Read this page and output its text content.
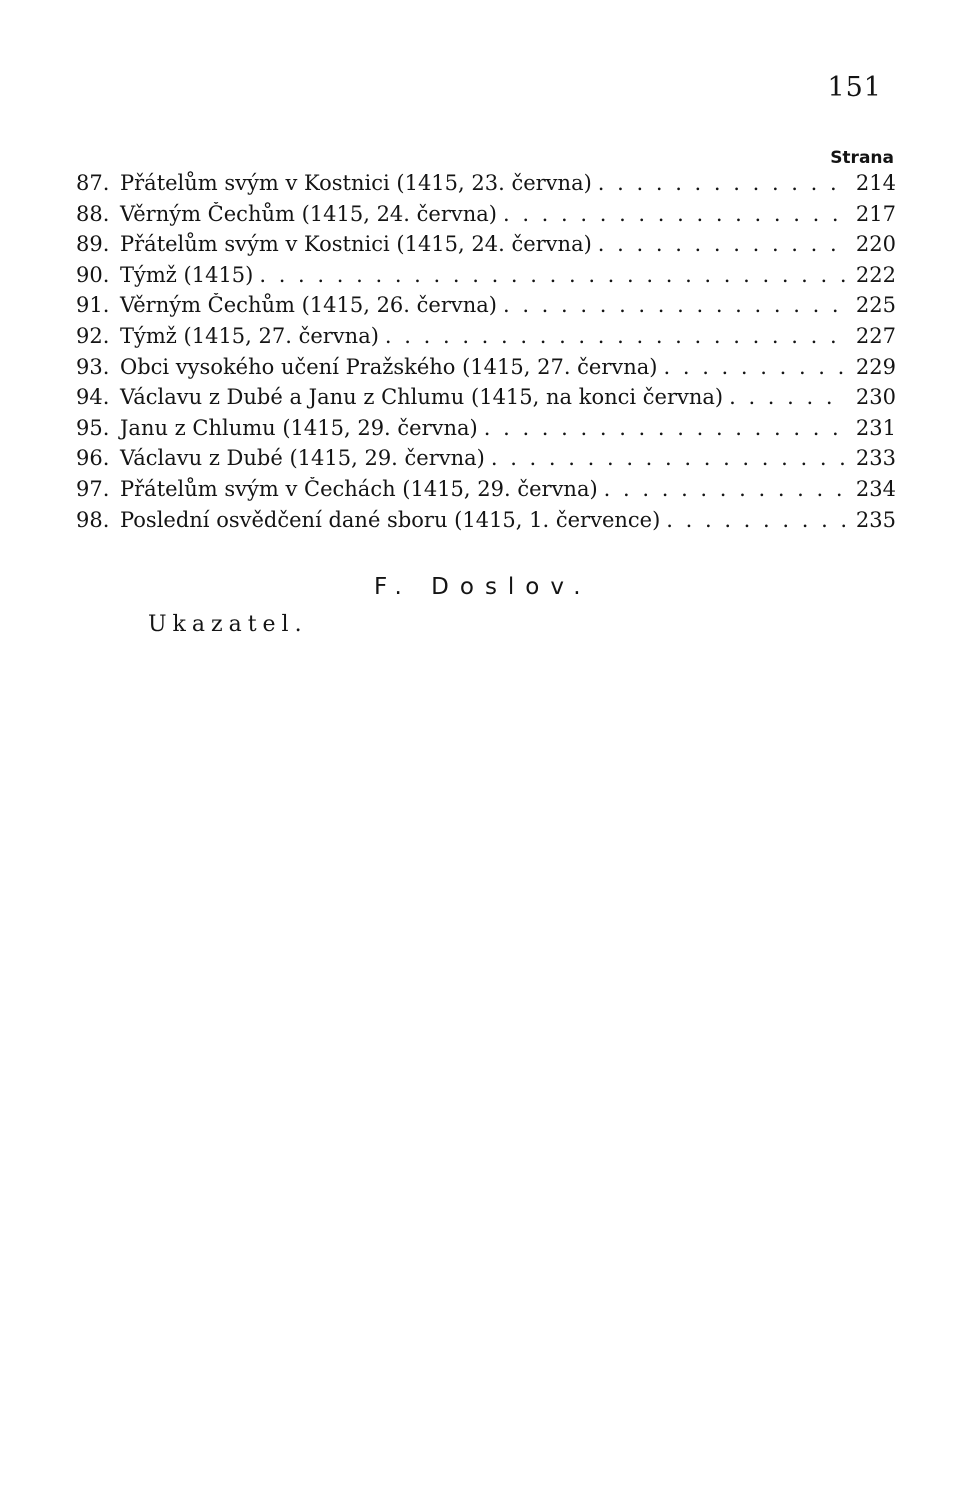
151
Strana
87. Přátelům svým v Kostnici (1415, 23. června) . . .	214
88. Věrným Čechům (1415, 24. června) . . .	217
89. Přátelům svým v Kostnici (1415, 24. června) . . .	220
90. Týmž (1415) . . .	222
91. Věrným Čechům (1415, 26. června) . . .	225
92. Týmž (1415, 27. června) . . .	227
93. Obci vysokého učení Pražského (1415, 27. června) . . .	229
94. Václavu z Dubé a Janu z Chlumu (1415, na konci června) . . .	230
95. Janu z Chlumu (1415, 29. června) . . .	231
96. Václavu z Dubé (1415, 29. června) . . .	233
97. Přátelům svým v Čechách (1415, 29. června) . . .	234
98. Poslední osvědčení dané sboru (1415, 1. července) . . .	235
F. Doslov.
Ukazatel.
